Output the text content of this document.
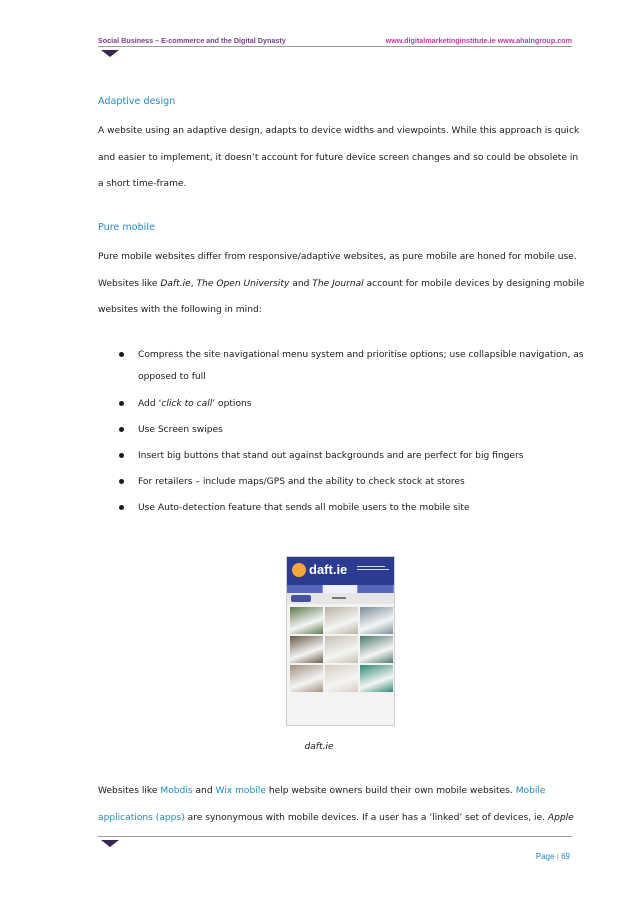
Social Business – E-commerce and the Digital Dynasty	www.digitalmarketinginstitute.ie www.ahaingroup.com
Adaptive design
A website using an adaptive design, adapts to device widths and viewpoints. While this approach is quick
and easier to implement, it doesn’t account for future device screen changes and so could be obsolete in
a short time-frame.
Pure mobile
Pure mobile websites differ from responsive/adaptive websites, as pure mobile are honed for mobile use.
Websites like Daft.ie, The Open University and The Journal account for mobile devices by designing mobile
websites with the following in mind:
Compress the site navigational menu system and prioritise options; use collapsible navigation, as
opposed to full
Add ‘click to call’ options
Use Screen swipes
Insert big buttons that stand out against backgrounds and are perfect for big fingers
For retailers – include maps/GPS and the ability to check stock at stores
Use Auto-detection feature that sends all mobile users to the mobile site
daft.ie
daft.ie
Websites like Mobdis and Wix mobile help website owners build their own mobile websites. Mobile
applications (apps) are synonymous with mobile devices. If a user has a ‘linked’ set of devices, ie. Apple
Page | 69
